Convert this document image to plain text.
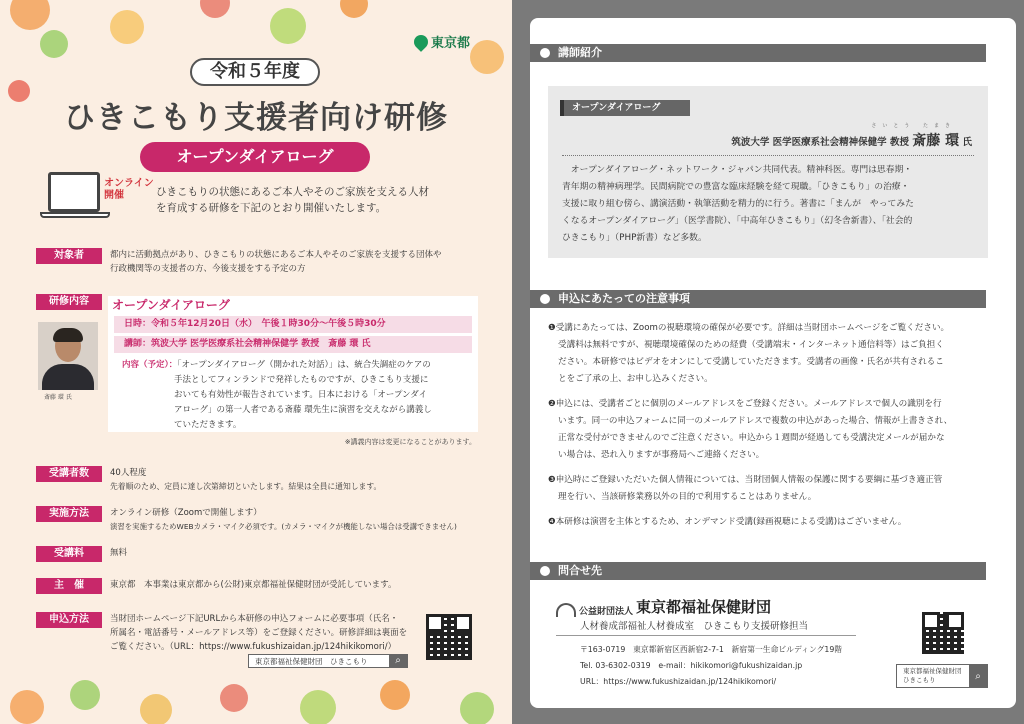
東京都
令和５年度
ひきこもり支援者向け研修
オープンダイアローグ
オンライン
開催	ひきこもりの状態にあるご本人やそのご家族を支える人材
を育成する研修を下記のとおり開催いたします。
対象者	都内に活動拠点があり、ひきこもりの状態にあるご本人やそのご家族を支援する団体や
行政機関等の支援者の方、今後支援をする予定の方
研修内容	オープンダイアローグ
日時：令和５年12月20日（水）　午後１時30分～午後５時30分
講師：筑波大学 医学医療系社会精神保健学 教授　斎藤 環 氏
内容（予定）：「オープンダイアローグ（開かれた対話）」は、統合失調症のケアの
手法としてフィンランドで発祥したものですが、ひきこもり支援に
おいても有効性が報告されています。日本における「オープンダイ
アローグ」の第一人者である斎藤 環先生に演習を交えながら講義し
ていただきます。
斎藤 環 氏
※講義内容は変更になることがあります。
受講者数	40人程度
先着順のため、定員に達し次第締切といたします。結果は全員に通知します。
実施方法	オンライン研修（Zoomで開催します）
演習を実施するためWEBカメラ・マイク必須です。(カメラ・マイクが機能しない場合は受講できません)
受講料	無料
主　催	東京都　本事業は東京都から(公財)東京都福祉保健財団が受託しています。
申込方法	当財団ホームページ下記URLから本研修の申込フォームに必要事項（氏名・
所属名・電話番号・メールアドレス等）をご登録ください。研修詳細は裏面を
ご覧ください。（URL：https://www.fukushizaidan.jp/124hikikomori/）
東京都福祉保健財団　ひきこもり	⌕
講師紹介
オープンダイアローグ
さいとう たまき
筑波大学 医学医療系社会精神保健学 教授 斎藤 環 氏
オープンダイアローグ・ネットワーク・ジャパン共同代表。精神科医。専門は思春期・
青年期の精神病理学。民間病院での豊富な臨床経験を経て現職。「ひきこもり」の治療・
支援に取り組む傍ら、講演活動・執筆活動を精力的に行う。著書に「まんが　やってみた
くなるオープンダイアローグ」（医学書院）、「中高年ひきこもり」（幻冬舎新書）、「社会的
ひきこもり」（PHP新書）など多数。
申込にあたっての注意事項
❶受講にあたっては、Zoomの視聴環境の確保が必要です。詳細は当財団ホームページをご覧ください。
受講料は無料ですが、視聴環境確保のための経費（受講端末・インターネット通信料等）はご負担く
ださい。本研修ではビデオをオンにして受講していただきます。受講者の画像・氏名が共有されるこ
とをご了承の上、お申し込みください。
❷申込には、受講者ごとに個別のメールアドレスをご登録ください。メールアドレスで個人の識別を行
います。同一の申込フォームに同一のメールアドレスで複数の申込があった場合、情報が上書きされ、
正常な受付ができませんのでご注意ください。申込から１週間が経過しても受講決定メールが届かな
い場合は、恐れ入りますが事務局へご連絡ください。
❸申込時にご登録いただいた個人情報については、当財団個人情報の保護に関する要綱に基づき適正管
理を行い、当該研修業務以外の目的で利用することはありません。
❹本研修は演習を主体とするため、オンデマンド受講(録画視聴による受講)はございません。
問合せ先
公益財団法人 東京都福祉保健財団
人材養成部福祉人材養成室　ひきこもり支援研修担当
〒163-0719　東京都新宿区西新宿2-7-1　新宿第一生命ビルディング19階
Tel. 03-6302-0319　e-mail：hikikomori@fukushizaidan.jp
URL：https://www.fukushizaidan.jp/124hikikomori/
東京都福祉保健財団
ひきこもり	⌕
